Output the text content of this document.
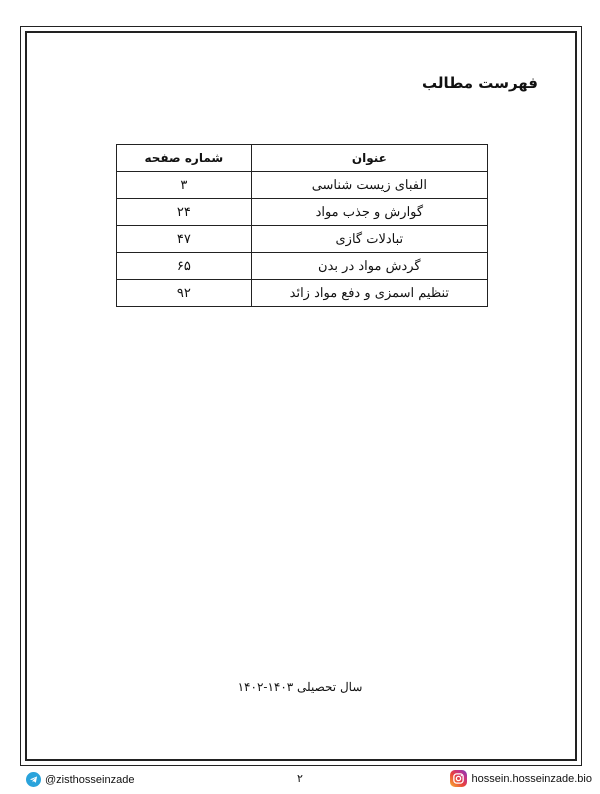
فهرست مطالب
عنوان	شماره صفحه
الفبای زیست شناسی	۳
گوارش و جذب مواد	۲۴
تبادلات گازی	۴۷
گردش مواد در بدن	۶۵
تنظیم اسمزی و دفع مواد زائد	۹۲
سال تحصیلی ۱۴۰۳-۱۴۰۲
@zisthosseinzade	۲	hossein.hosseinzade.bio
